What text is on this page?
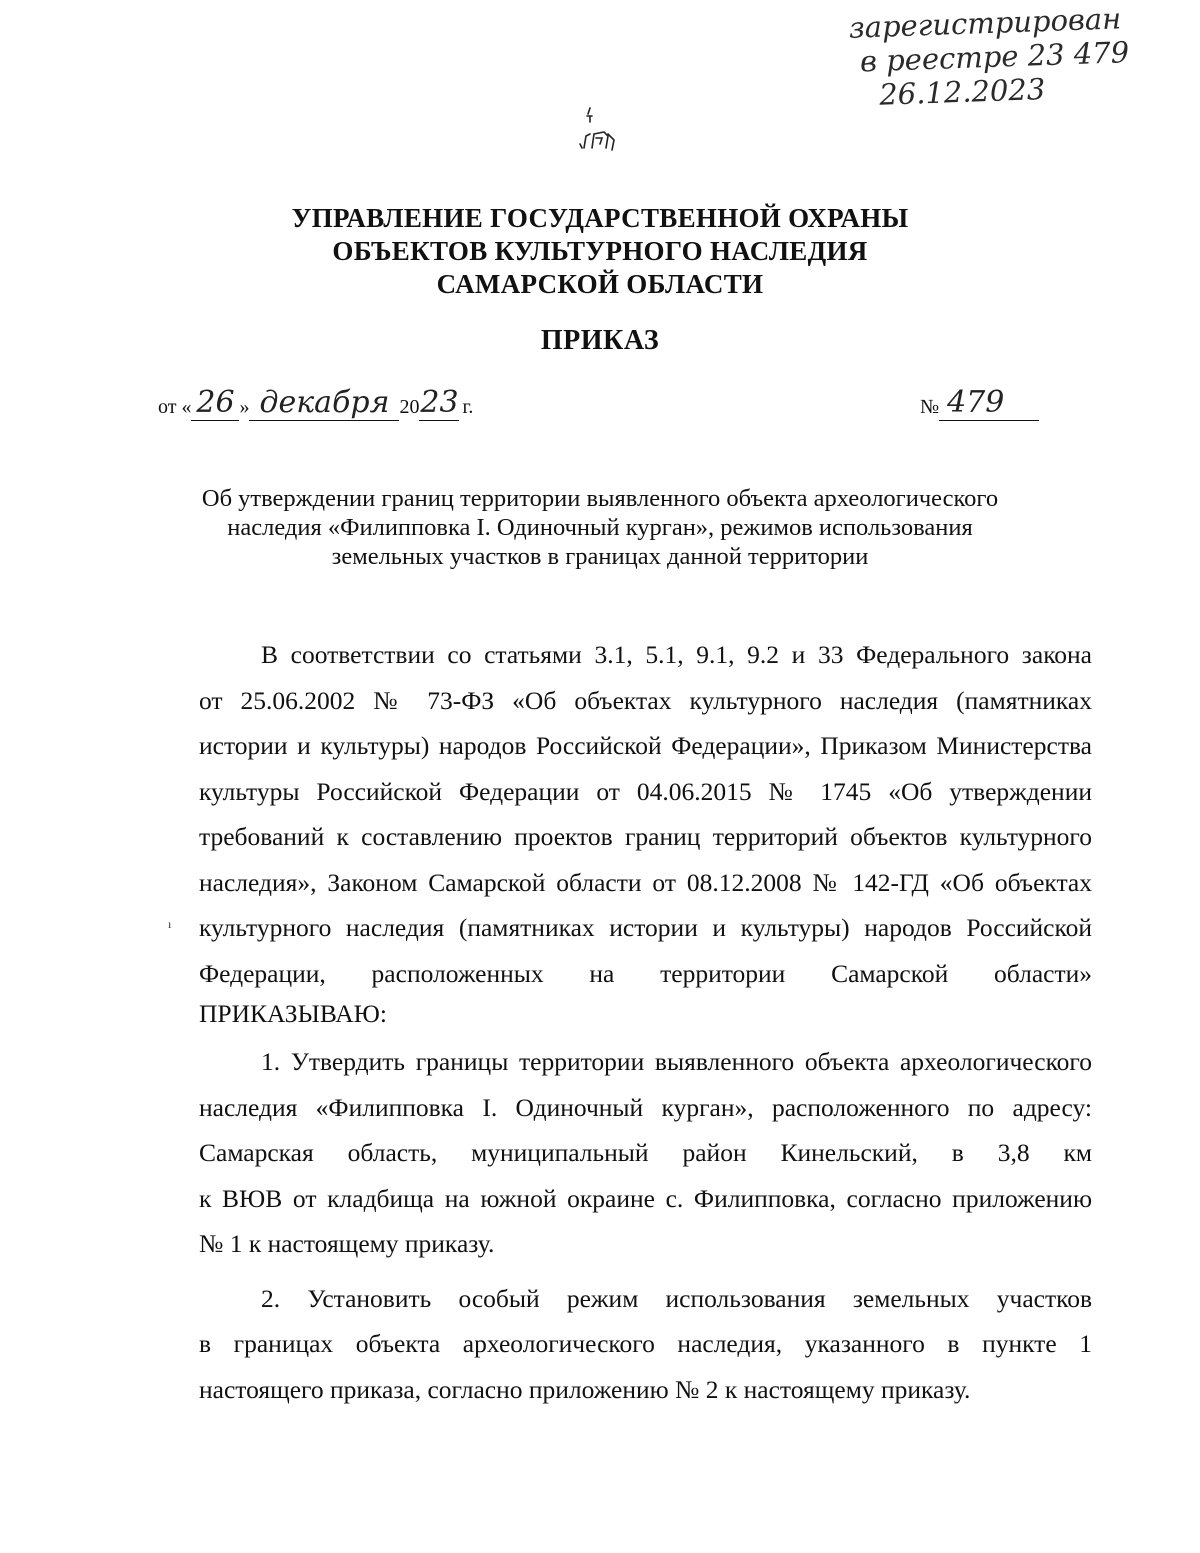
зарегистрирован
в реестре 23 479
26.12.2023
УПРАВЛЕНИЕ ГОСУДАРСТВЕННОЙ ОХРАНЫ
ОБЪЕКТОВ КУЛЬТУРНОГО НАСЛЕДИЯ
САМАРСКОЙ ОБЛАСТИ
ПРИКАЗ
от « 26 » декабря 20 23 г.	№ 479
Об утверждении границ территории выявленного объекта археологического
наследия «Филипповка I. Одиночный курган», режимов использования
земельных участков в границах данной территории
ı
В соответствии со статьями 3.1, 5.1, 9.1, 9.2 и 33 Федерального закона
от 25.06.2002 № 73-ФЗ «Об объектах культурного наследия (памятниках
истории и культуры) народов Российской Федерации», Приказом Министерства
культуры Российской Федерации от 04.06.2015 № 1745 «Об утверждении
требований к составлению проектов границ территорий объектов культурного
наследия», Законом Самарской области от 08.12.2008 № 142-ГД «Об объектах
культурного наследия (памятниках истории и культуры) народов Российской
Федерации, расположенных на территории Самарской области»
ПРИКАЗЫВАЮ:
1. Утвердить границы территории выявленного объекта археологического
наследия «Филипповка I. Одиночный курган», расположенного по адресу:
Самарская область, муниципальный район Кинельский, в 3,8 км
к ВЮВ от кладбища на южной окраине с. Филипповка, согласно приложению
№ 1 к настоящему приказу.
2. Установить особый режим использования земельных участков
в границах объекта археологического наследия, указанного в пункте 1
настоящего приказа, согласно приложению № 2 к настоящему приказу.
